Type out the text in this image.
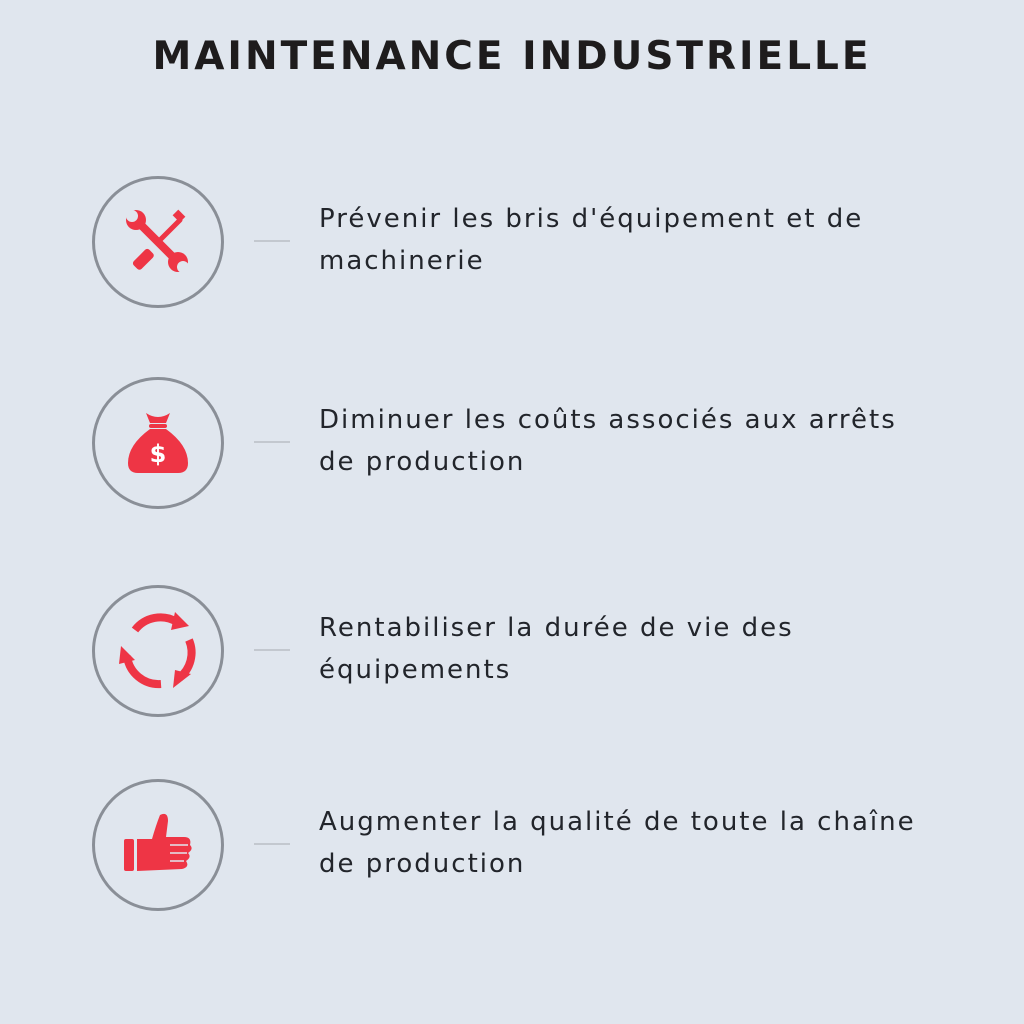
MAINTENANCE INDUSTRIELLE
Prévenir les bris d'équipement et de machinerie
$
Diminuer les coûts associés aux arrêts de production
Rentabiliser la durée de vie des équipements
Augmenter la qualité de toute la chaîne de production
